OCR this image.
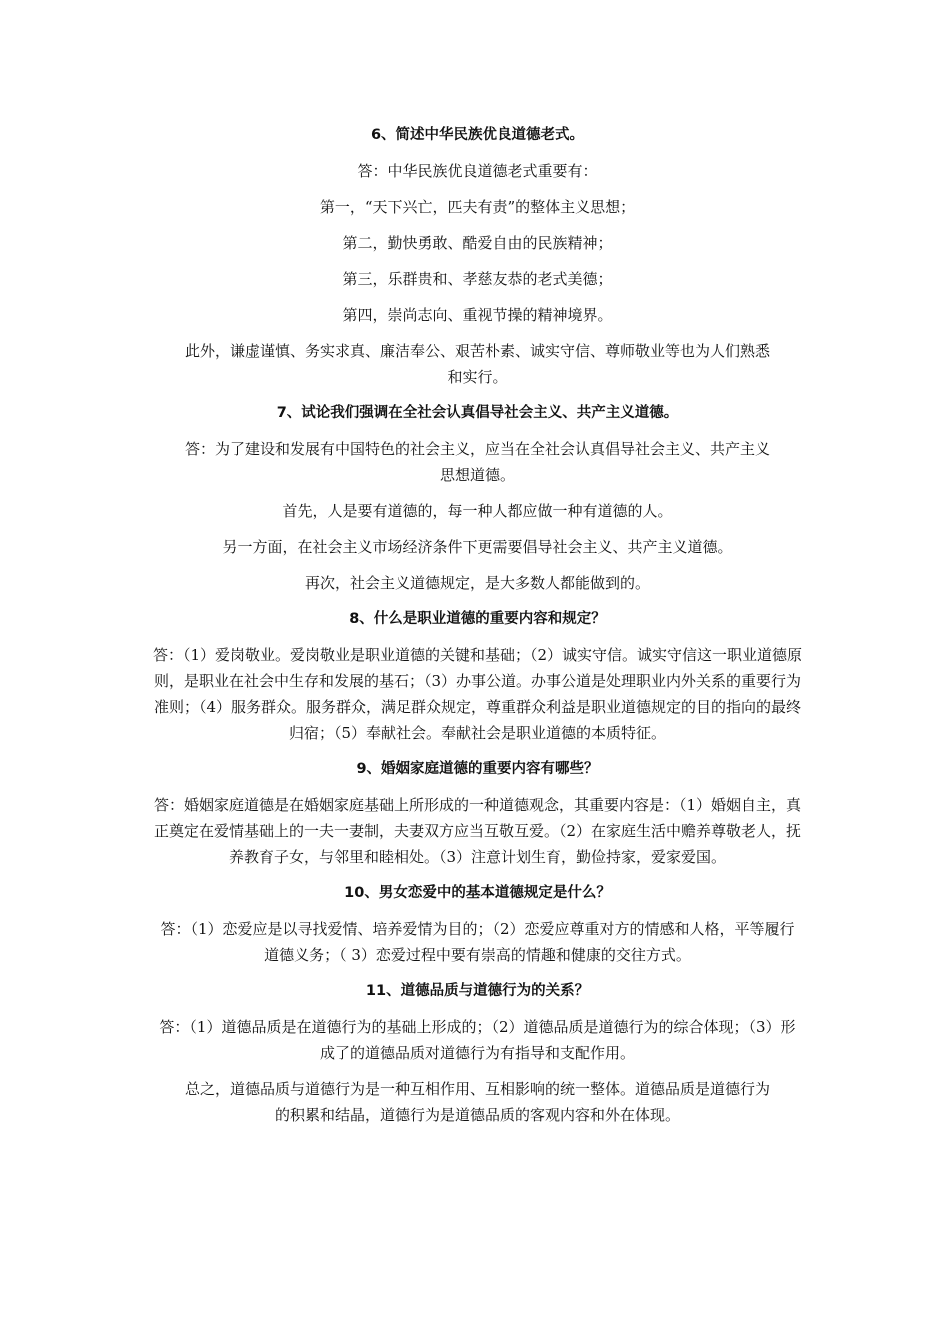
6、简述中华民族优良道德老式。
答：中华民族优良道德老式重要有：
第一，“天下兴亡，匹夫有责”的整体主义思想；
第二，勤快勇敢、酷爱自由的民族精神；
第三，乐群贵和、孝慈友恭的老式美德；
第四，崇尚志向、重视节操的精神境界。
此外，谦虚谨慎、务实求真、廉洁奉公、艰苦朴素、诚实守信、尊师敬业等也为人们熟悉和实行。
7、试论我们强调在全社会认真倡导社会主义、共产主义道德。
答：为了建设和发展有中国特色的社会主义，应当在全社会认真倡导社会主义、共产主义思想道德。
首先，人是要有道德的，每一种人都应做一种有道德的人。
另一方面，在社会主义市场经济条件下更需要倡导社会主义、共产主义道德。
再次，社会主义道德规定，是大多数人都能做到的。
8、什么是职业道德的重要内容和规定？
答：（1）爱岗敬业。爱岗敬业是职业道德的关键和基础；（2）诚实守信。诚实守信这一职业道德原则，是职业在社会中生存和发展的基石；（3）办事公道。办事公道是处理职业内外关系的重要行为准则；（4）服务群众。服务群众，满足群众规定，尊重群众利益是职业道德规定的目的指向的最终归宿；（5）奉献社会。奉献社会是职业道德的本质特征。
9、婚姻家庭道德的重要内容有哪些？
答：婚姻家庭道德是在婚姻家庭基础上所形成的一种道德观念，其重要内容是：（1）婚姻自主，真正奠定在爱情基础上的一夫一妻制，夫妻双方应当互敬互爱。（2）在家庭生活中赡养尊敬老人，抚养教育子女，与邻里和睦相处。（3）注意计划生育，勤俭持家，爱家爱国。
10、男女恋爱中的基本道德规定是什么？
答：（1）恋爱应是以寻找爱情、培养爱情为目的；（2）恋爱应尊重对方的情感和人格，平等履行道德义务；（ 3）恋爱过程中要有崇高的情趣和健康的交往方式。
11、道德品质与道德行为的关系？
答：（1）道德品质是在道德行为的基础上形成的；（2）道德品质是道德行为的综合体现；（3）形成了的道德品质对道德行为有指导和支配作用。
总之，道德品质与道德行为是一种互相作用、互相影响的统一整体。道德品质是道德行为的积累和结晶，道德行为是道德品质的客观内容和外在体现。
